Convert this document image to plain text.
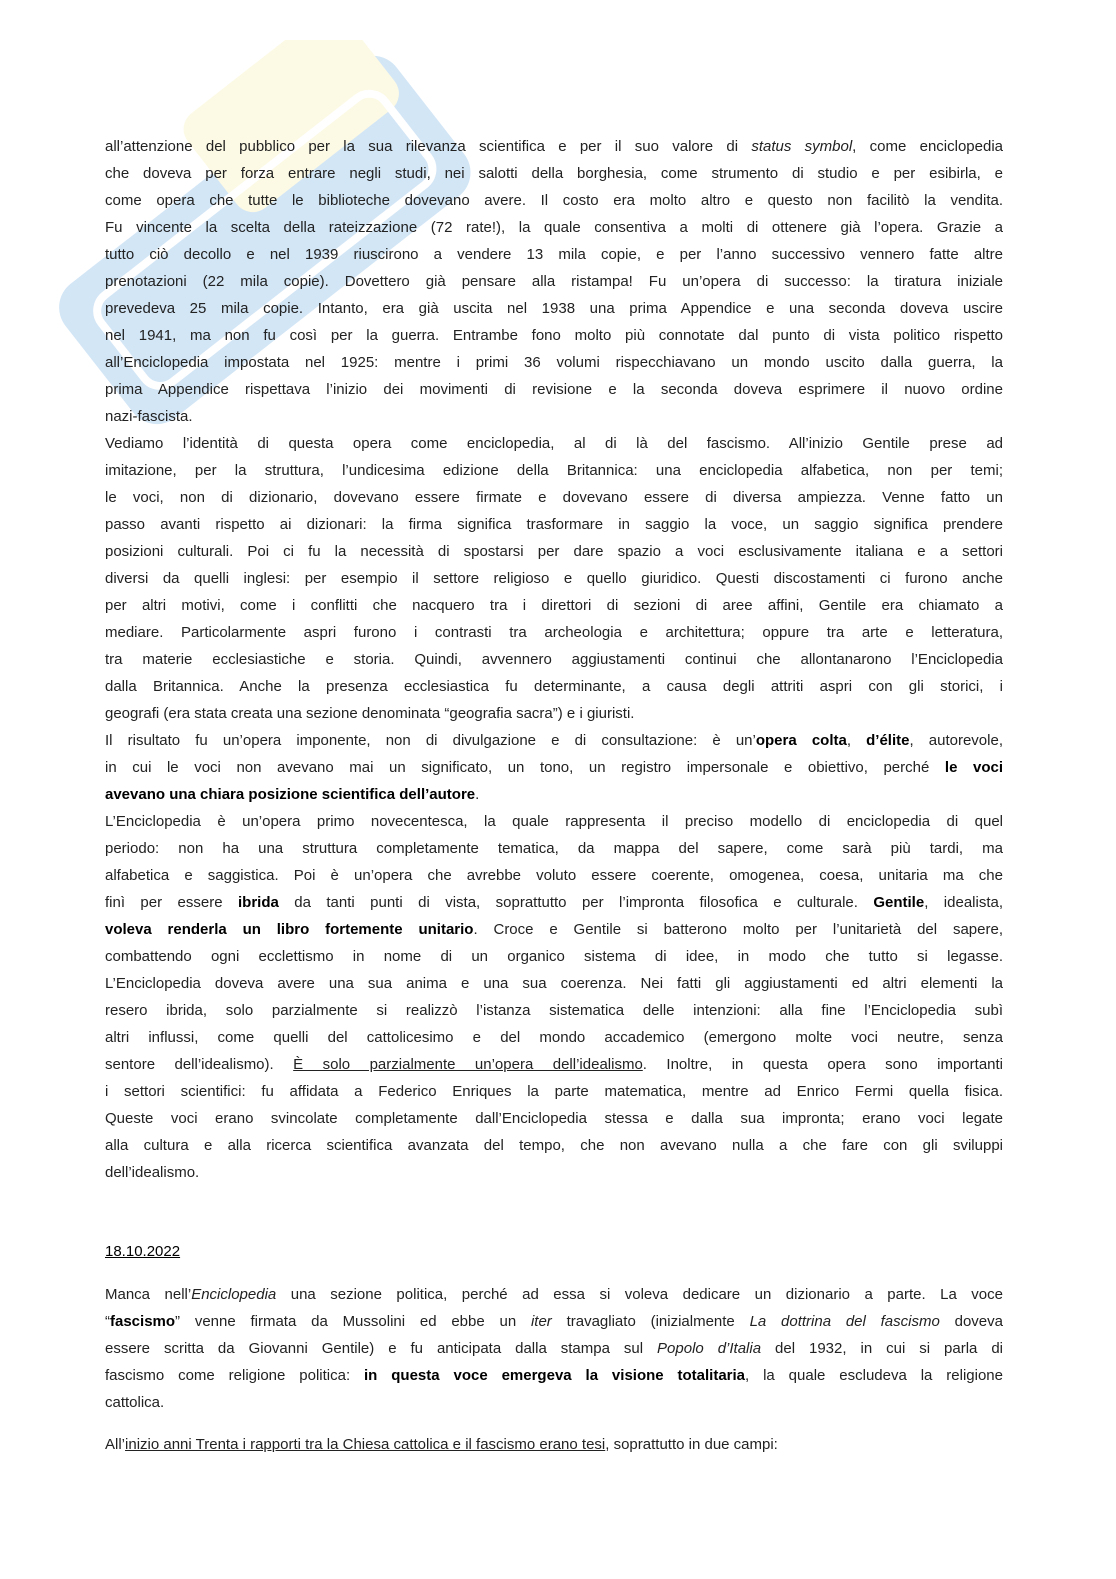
all’attenzione del pubblico per la sua rilevanza scientifica e per il suo valore di status symbol, come enciclopedia
che doveva per forza entrare negli studi, nei salotti della borghesia, come strumento di studio e per esibirla, e
come opera che tutte le biblioteche dovevano avere. Il costo era molto altro e questo non facilitò la vendita.
Fu vincente la scelta della rateizzazione (72 rate!), la quale consentiva a molti di ottenere già l’opera. Grazie a
tutto ciò decollo e nel 1939 riuscirono a vendere 13 mila copie, e per l’anno successivo vennero fatte altre
prenotazioni (22 mila copie). Dovettero già pensare alla ristampa! Fu un’opera di successo: la tiratura iniziale
prevedeva 25 mila copie. Intanto, era già uscita nel 1938 una prima Appendice e una seconda doveva uscire
nel 1941, ma non fu così per la guerra. Entrambe fono molto più connotate dal punto di vista politico rispetto
all’Enciclopedia impostata nel 1925: mentre i primi 36 volumi rispecchiavano un mondo uscito dalla guerra, la
prima Appendice rispettava l’inizio dei movimenti di revisione e la seconda doveva esprimere il nuovo ordine
nazi-fascista.
Vediamo l’identità di questa opera come enciclopedia, al di là del fascismo. All’inizio Gentile prese ad
imitazione, per la struttura, l’undicesima edizione della Britannica: una enciclopedia alfabetica, non per temi;
le voci, non di dizionario, dovevano essere firmate e dovevano essere di diversa ampiezza. Venne fatto un
passo avanti rispetto ai dizionari: la firma significa trasformare in saggio la voce, un saggio significa prendere
posizioni culturali. Poi ci fu la necessità di spostarsi per dare spazio a voci esclusivamente italiana e a settori
diversi da quelli inglesi: per esempio il settore religioso e quello giuridico. Questi discostamenti ci furono anche
per altri motivi, come i conflitti che nacquero tra i direttori di sezioni di aree affini, Gentile era chiamato a
mediare. Particolarmente aspri furono i contrasti tra archeologia e architettura; oppure tra arte e letteratura,
tra materie ecclesiastiche e storia. Quindi, avvennero aggiustamenti continui che allontanarono l’Enciclopedia
dalla Britannica. Anche la presenza ecclesiastica fu determinante, a causa degli attriti aspri con gli storici, i
geografi (era stata creata una sezione denominata “geografia sacra”) e i giuristi.
Il risultato fu un’opera imponente, non di divulgazione e di consultazione: è un’opera colta, d’élite, autorevole,
in cui le voci non avevano mai un significato, un tono, un registro impersonale e obiettivo, perché le voci
avevano una chiara posizione scientifica dell’autore.
L’Enciclopedia è un’opera primo novecentesca, la quale rappresenta il preciso modello di enciclopedia di quel
periodo: non ha una struttura completamente tematica, da mappa del sapere, come sarà più tardi, ma
alfabetica e saggistica. Poi è un’opera che avrebbe voluto essere coerente, omogenea, coesa, unitaria ma che
finì per essere ibrida da tanti punti di vista, soprattutto per l’impronta filosofica e culturale. Gentile, idealista,
voleva renderla un libro fortemente unitario. Croce e Gentile si batterono molto per l’unitarietà del sapere,
combattendo ogni ecclettismo in nome di un organico sistema di idee, in modo che tutto si legasse.
L’Enciclopedia doveva avere una sua anima e una sua coerenza. Nei fatti gli aggiustamenti ed altri elementi la
resero ibrida, solo parzialmente si realizzò l’istanza sistematica delle intenzioni: alla fine l’Enciclopedia subì
altri influssi, come quelli del cattolicesimo e del mondo accademico (emergono molte voci neutre, senza
sentore dell’idealismo). È solo parzialmente un’opera dell’idealismo. Inoltre, in questa opera sono importanti
i settori scientifici: fu affidata a Federico Enriques la parte matematica, mentre ad Enrico Fermi quella fisica.
Queste voci erano svincolate completamente dall’Enciclopedia stessa e dalla sua impronta; erano voci legate
alla cultura e alla ricerca scientifica avanzata del tempo, che non avevano nulla a che fare con gli sviluppi
dell’idealismo.
18.10.2022
Manca nell’Enciclopedia una sezione politica, perché ad essa si voleva dedicare un dizionario a parte. La voce
“fascismo” venne firmata da Mussolini ed ebbe un iter travagliato (inizialmente La dottrina del fascismo doveva
essere scritta da Giovanni Gentile) e fu anticipata dalla stampa sul Popolo d’Italia del 1932, in cui si parla di
fascismo come religione politica: in questa voce emergeva la visione totalitaria, la quale escludeva la religione
cattolica.
All’inizio anni Trenta i rapporti tra la Chiesa cattolica e il fascismo erano tesi, soprattutto in due campi:
